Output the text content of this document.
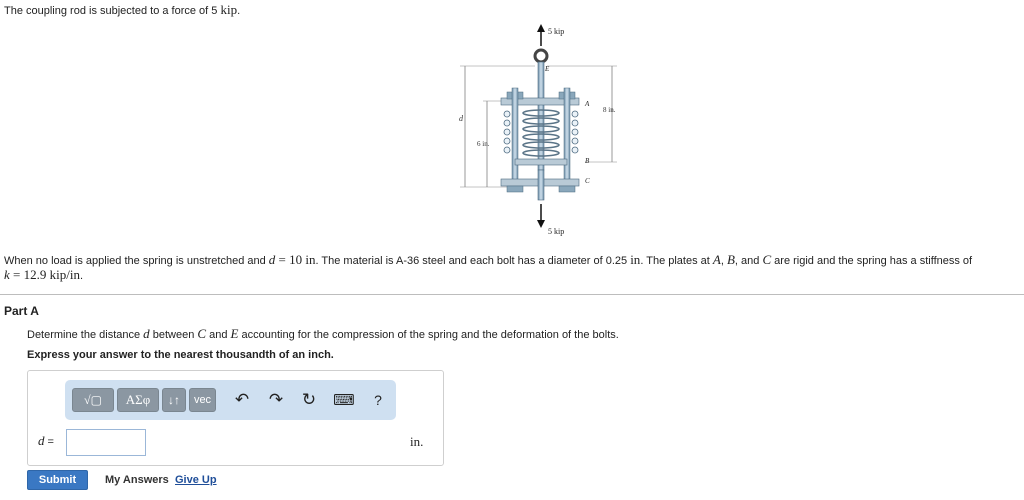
The coupling rod is subjected to a force of 5 kip.
5 kip
d
6 in.
8 in.
E
A
B
C
5 kip
When no load is applied the spring is unstretched and d = 10 in. The material is A-36 steel and each bolt has a diameter of 0.25 in. The plates at A, B, and C are rigid and the spring has a stiffness of
k = 12.9 kip/in.
Part A
Determine the distance d between C and E accounting for the compression of the spring and the deformation of the bolts.
Express your answer to the nearest thousandth of an inch.
√▢	ΑΣφ	↓↑	vec ↶ ↷ ↻ ⌨	?
d =	in.
Submit	My Answers Give Up
